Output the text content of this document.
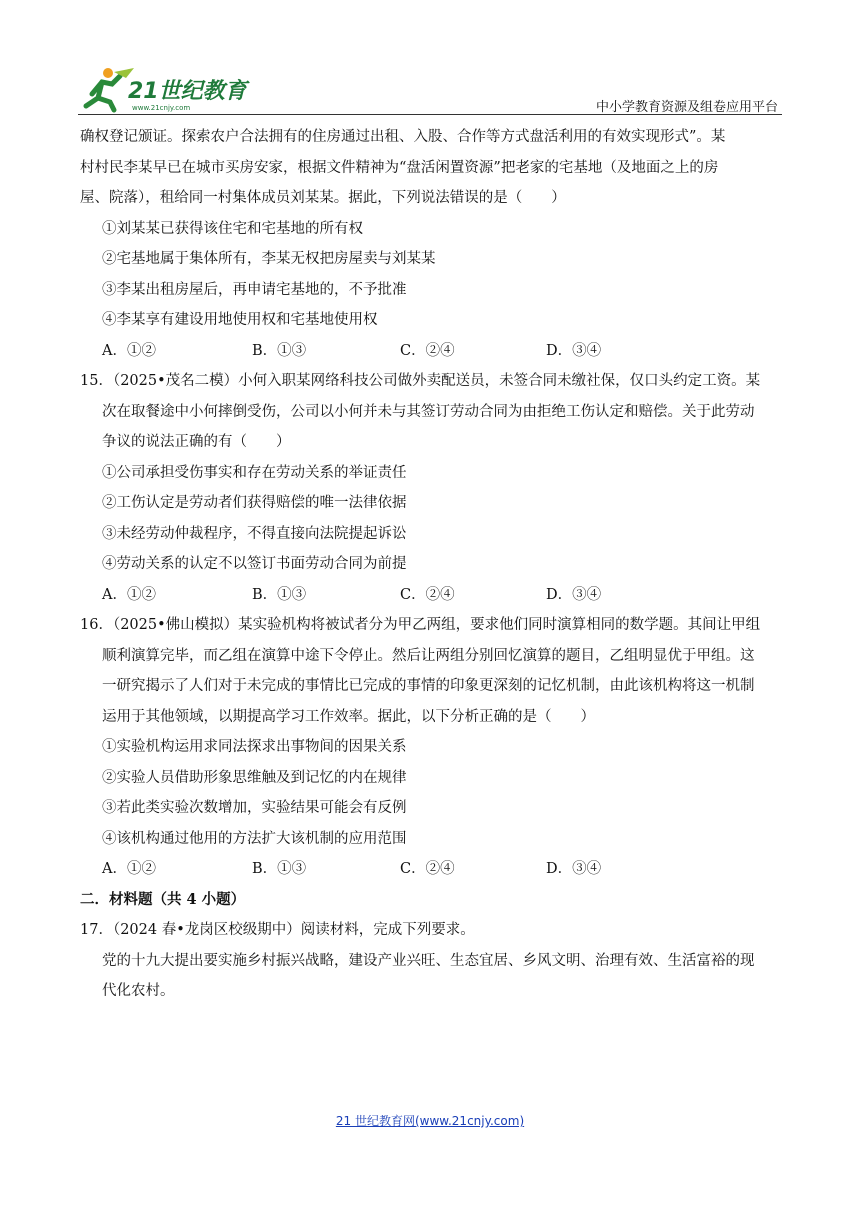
21世纪教育
www.21cnjy.com	中小学教育资源及组卷应用平台
确权登记颁证。探索农户合法拥有的住房通过出租、入股、合作等方式盘活利用的有效实现形式”。某
村村民李某早已在城市买房安家，根据文件精神为“盘活闲置资源”把老家的宅基地（及地面之上的房
屋、院落），租给同一村集体成员刘某某。据此，下列说法错误的是（　　）
①刘某某已获得该住宅和宅基地的所有权
②宅基地属于集体所有，李某无权把房屋卖与刘某某
③李某出租房屋后，再申请宅基地的，不予批准
④李某享有建设用地使用权和宅基地使用权
A．①②	B．①③	C．②④	D．③④
15．（2025•茂名二模）小何入职某网络科技公司做外卖配送员，未签合同未缴社保，仅口头约定工资。某
次在取餐途中小何摔倒受伤，公司以小何并未与其签订劳动合同为由拒绝工伤认定和赔偿。关于此劳动
争议的说法正确的有（　　）
①公司承担受伤事实和存在劳动关系的举证责任
②工伤认定是劳动者们获得赔偿的唯一法律依据
③未经劳动仲裁程序，不得直接向法院提起诉讼
④劳动关系的认定不以签订书面劳动合同为前提
A．①②	B．①③	C．②④	D．③④
16．（2025•佛山模拟）某实验机构将被试者分为甲乙两组，要求他们同时演算相同的数学题。其间让甲组
顺利演算完毕，而乙组在演算中途下令停止。然后让两组分别回忆演算的题目，乙组明显优于甲组。这
一研究揭示了人们对于未完成的事情比已完成的事情的印象更深刻的记忆机制，由此该机构将这一机制
运用于其他领域，以期提高学习工作效率。据此，以下分析正确的是（　　）
①实验机构运用求同法探求出事物间的因果关系
②实验人员借助形象思维触及到记忆的内在规律
③若此类实验次数增加，实验结果可能会有反例
④该机构通过他用的方法扩大该机制的应用范围
A．①②	B．①③	C．②④	D．③④
二．材料题（共 4 小题）
17．（2024 春•龙岗区校级期中）阅读材料，完成下列要求。
党的十九大提出要实施乡村振兴战略，建设产业兴旺、生态宜居、乡风文明、治理有效、生活富裕的现
代化农村。
21 世纪教育网(www.21cnjy.com)
